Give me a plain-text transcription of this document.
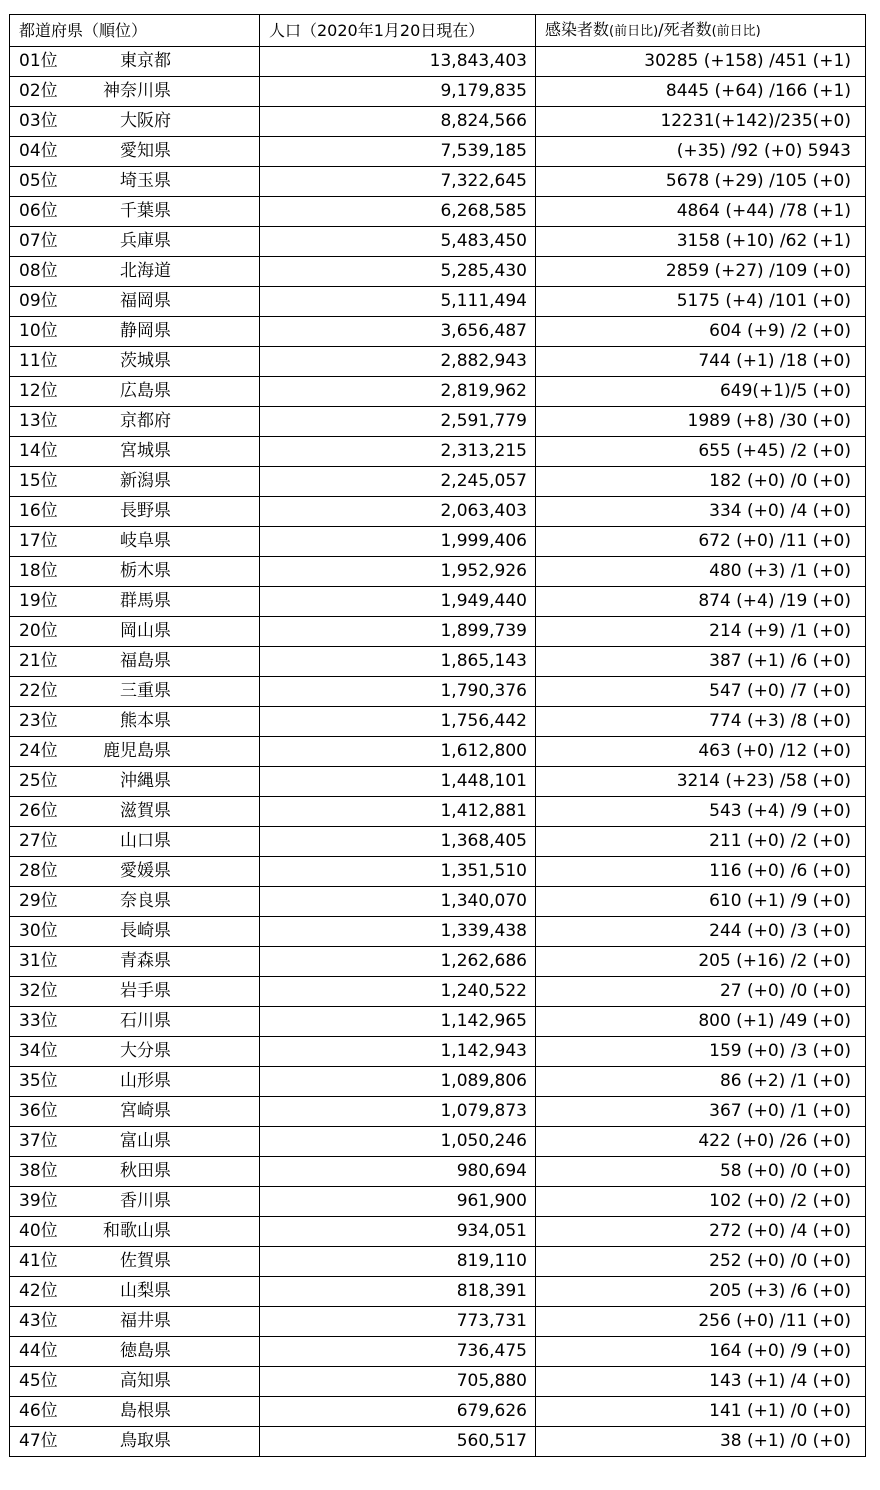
都道府県（順位）	人口（2020年1月20日現在）	感染者数(前日比)/死者数(前日比)
01位 東京都	13,843,403	30285 (+158) /451 (+1)
02位 神奈川県	9,179,835	8445 (+64) /166 (+1)
03位 大阪府	8,824,566	12231(+142)/235(+0)
04位 愛知県	7,539,185	(+35) /92 (+0) 5943
05位 埼玉県	7,322,645	5678 (+29) /105 (+0)
06位 千葉県	6,268,585	4864 (+44) /78 (+1)
07位 兵庫県	5,483,450	3158 (+10) /62 (+1)
08位 北海道	5,285,430	2859 (+27) /109 (+0)
09位 福岡県	5,111,494	5175 (+4) /101 (+0)
10位 静岡県	3,656,487	604 (+9) /2 (+0)
11位 茨城県	2,882,943	744 (+1) /18 (+0)
12位 広島県	2,819,962	649(+1)/5 (+0)
13位 京都府	2,591,779	1989 (+8) /30 (+0)
14位 宮城県	2,313,215	655 (+45) /2 (+0)
15位 新潟県	2,245,057	182 (+0) /0 (+0)
16位 長野県	2,063,403	334 (+0) /4 (+0)
17位 岐阜県	1,999,406	672 (+0) /11 (+0)
18位 栃木県	1,952,926	480 (+3) /1 (+0)
19位 群馬県	1,949,440	874 (+4) /19 (+0)
20位 岡山県	1,899,739	214 (+9) /1 (+0)
21位 福島県	1,865,143	387 (+1) /6 (+0)
22位 三重県	1,790,376	547 (+0) /7 (+0)
23位 熊本県	1,756,442	774 (+3) /8 (+0)
24位 鹿児島県	1,612,800	463 (+0) /12 (+0)
25位 沖縄県	1,448,101	3214 (+23) /58 (+0)
26位 滋賀県	1,412,881	543 (+4) /9 (+0)
27位 山口県	1,368,405	211 (+0) /2 (+0)
28位 愛媛県	1,351,510	116 (+0) /6 (+0)
29位 奈良県	1,340,070	610 (+1) /9 (+0)
30位 長崎県	1,339,438	244 (+0) /3 (+0)
31位 青森県	1,262,686	205 (+16) /2 (+0)
32位 岩手県	1,240,522	27 (+0) /0 (+0)
33位 石川県	1,142,965	800 (+1) /49 (+0)
34位 大分県	1,142,943	159 (+0) /3 (+0)
35位 山形県	1,089,806	86 (+2) /1 (+0)
36位 宮崎県	1,079,873	367 (+0) /1 (+0)
37位 富山県	1,050,246	422 (+0) /26 (+0)
38位 秋田県	980,694	58 (+0) /0 (+0)
39位 香川県	961,900	102 (+0) /2 (+0)
40位 和歌山県	934,051	272 (+0) /4 (+0)
41位 佐賀県	819,110	252 (+0) /0 (+0)
42位 山梨県	818,391	205 (+3) /6 (+0)
43位 福井県	773,731	256 (+0) /11 (+0)
44位 徳島県	736,475	164 (+0) /9 (+0)
45位 高知県	705,880	143 (+1) /4 (+0)
46位 島根県	679,626	141 (+1) /0 (+0)
47位 鳥取県	560,517	38 (+1) /0 (+0)
